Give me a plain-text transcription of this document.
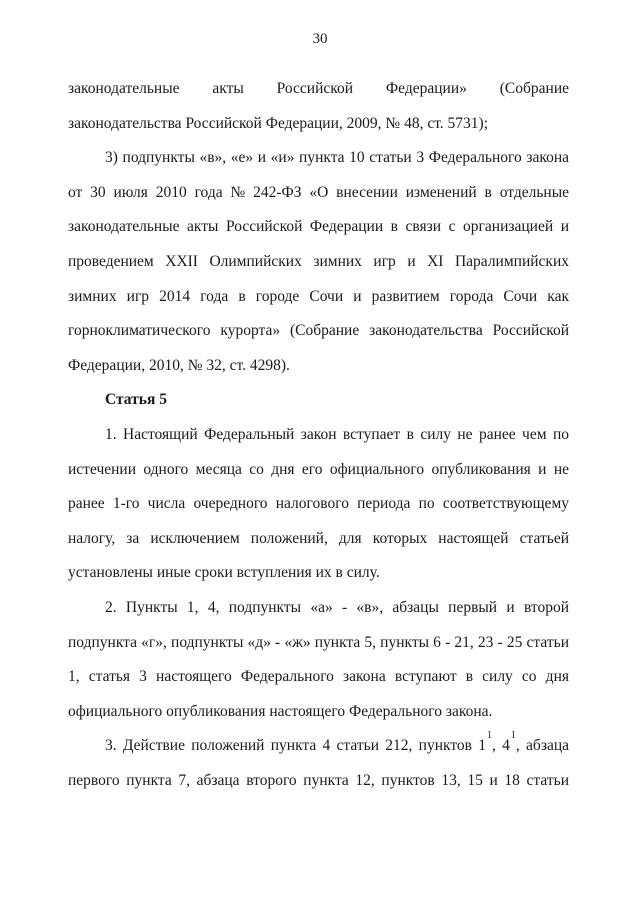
30
законодательные акты Российской Федерации» (Собрание
законодательства Российской Федерации, 2009, № 48, ст. 5731);
3) подпункты «в», «е» и «и» пункта 10 статьи 3 Федерального закона
от 30 июля 2010 года № 242-ФЗ «О внесении изменений в отдельные
законодательные акты Российской Федерации в связи с организацией и
проведением XXII Олимпийских зимних игр и XI Паралимпийских
зимних игр 2014 года в городе Сочи и развитием города Сочи как
горноклиматического курорта» (Собрание законодательства Российской
Федерации, 2010, № 32, ст. 4298).
Статья 5
1. Настоящий Федеральный закон вступает в силу не ранее чем по
истечении одного месяца со дня его официального опубликования и не
ранее 1-го числа очередного налогового периода по соответствующему
налогу, за исключением положений, для которых настоящей статьей
установлены иные сроки вступления их в силу.
2. Пункты 1, 4, подпункты «а» - «в», абзацы первый и второй
подпункта «г», подпункты «д» - «ж» пункта 5, пункты 6 - 21, 23 - 25 статьи
1, статья 3 настоящего Федерального закона вступают в силу со дня
официального опубликования настоящего Федерального закона.
3. Действие положений пункта 4 статьи 212, пунктов $1^1$, $4^1$, абзаца
первого пункта 7, абзаца второго пункта 12, пунктов 13, 15 и 18 статьи
